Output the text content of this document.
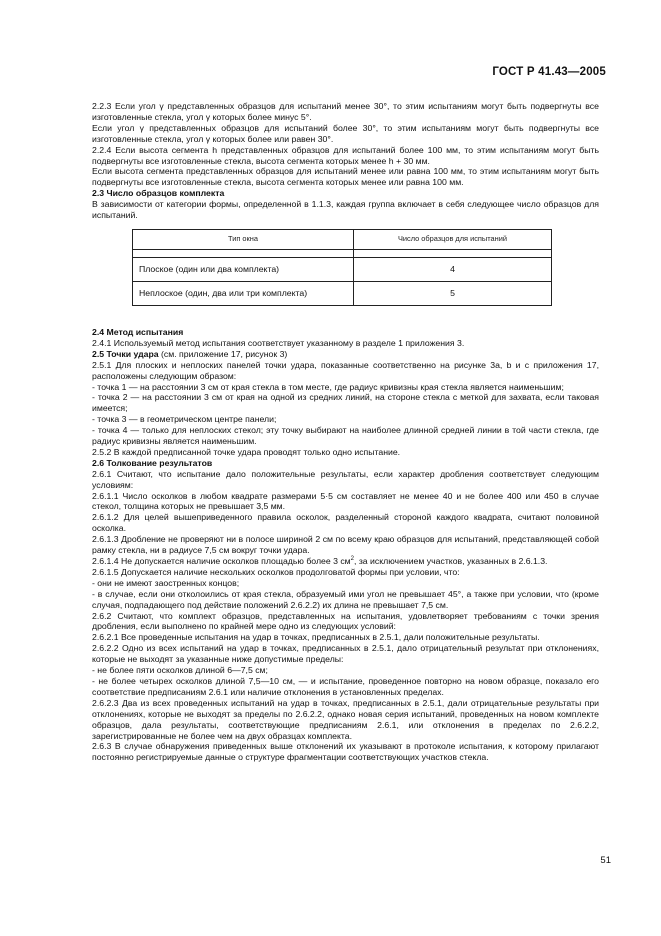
ГОСТ Р 41.43—2005

2.2.3 Если угол γ представленных образцов для испытаний менее 30°, то этим испытаниям могут быть подвергнуты все изготовленные стекла, угол γ которых более минус 5°.

Если угол γ представленных образцов для испытаний более 30°, то этим испытаниям могут быть подвергнуты все изготовленные стекла, угол γ которых более или равен 30°.

2.2.4 Если высота сегмента h представленных образцов для испытаний более 100 мм, то этим испытаниям могут быть подвергнуты все изготовленные стекла, высота сегмента которых менее h + 30 мм.

Если высота сегмента представленных образцов для испытаний менее или равна 100 мм, то этим испытаниям могут быть подвергнуты все изготовленные стекла, высота сегмента которых менее или равна 100 мм.

2.3 Число образцов комплекта

В зависимости от категории формы, определенной в 1.1.3, каждая группа включает в себя следующее число образцов для испытаний.

Тип окна	Число образцов для испытаний

Плоское (один или два комплекта)	4
Неплоское (один, два или три комплекта)	5

2.4 Метод испытания

2.4.1 Используемый метод испытания соответствует указанному в разделе 1 приложения 3.

2.5 Точки удара (см. приложение 17, рисунок 3)

2.5.1 Для плоских и неплоских панелей точки удара, показанные соответственно на рисунке 3a, b и c приложения 17, расположены следующим образом:

- точка 1 — на расстоянии 3 см от края стекла в том месте, где радиус кривизны края стекла является наименьшим;

- точка 2 — на расстоянии 3 см от края на одной из средних линий, на стороне стекла с меткой для захвата, если таковая имеется;

- точка 3 — в геометрическом центре панели;

- точка 4 — только для неплоских стекол; эту точку выбирают на наиболее длинной средней линии в той части стекла, где радиус кривизны является наименьшим.

2.5.2 В каждой предписанной точке удара проводят только одно испытание.

2.6 Толкование результатов

2.6.1 Считают, что испытание дало положительные результаты, если характер дробления соответствует следующим условиям:

2.6.1.1 Число осколков в любом квадрате размерами 5·5 см составляет не менее 40 и не более 400 или 450 в случае стекол, толщина которых не превышает 3,5 мм.

2.6.1.2 Для целей вышеприведенного правила осколок, разделенный стороной каждого квадрата, считают половиной осколка.

2.6.1.3 Дробление не проверяют ни в полосе шириной 2 см по всему краю образцов для испытаний, представляющей собой рамку стекла, ни в радиусе 7,5 см вокруг точки удара.

2.6.1.4 Не допускается наличие осколков площадью более 3 $см^2$, за исключением участков, указанных в 2.6.1.3.

2.6.1.5 Допускается наличие нескольких осколков продолговатой формы при условии, что:

- они не имеют заостренных концов;

- в случае, если они отколоились от края стекла, образуемый ими угол не превышает 45°, а также при условии, что (кроме случая, подпадающего под действие положений 2.6.2.2) их длина не превышает 7,5 см.

2.6.2 Считают, что комплект образцов, представленных на испытания, удовлетворяет требованиям с точки зрения дробления, если выполнено по крайней мере одно из следующих условий:

2.6.2.1 Все проведенные испытания на удар в точках, предписанных в 2.5.1, дали положительные результаты.

2.6.2.2 Одно из всех испытаний на удар в точках, предписанных в 2.5.1, дало отрицательный результат при отклонениях, которые не выходят за указанные ниже допустимые пределы:

- не более пяти осколков длиной 6—7,5 см;

- не более четырех осколков длиной 7,5—10 см, — и испытание, проведенное повторно на новом образце, показало его соответствие предписаниям 2.6.1 или наличие отклонения в установленных пределах.

2.6.2.3 Два из всех проведенных испытаний на удар в точках, предписанных в 2.5.1, дали отрицательные результаты при отклонениях, которые не выходят за пределы по 2.6.2.2, однако новая серия испытаний, проведенных на новом комплекте образцов, дала результаты, соответствующие предписаниям 2.6.1, или отклонения в пределах по 2.6.2.2, зарегистрированные не более чем на двух образцах комплекта.

2.6.3 В случае обнаружения приведенных выше отклонений их указывают в протоколе испытания, к которому прилагают постоянно регистрируемые данные о структуре фрагментации соответствующих участков стекла.

51
